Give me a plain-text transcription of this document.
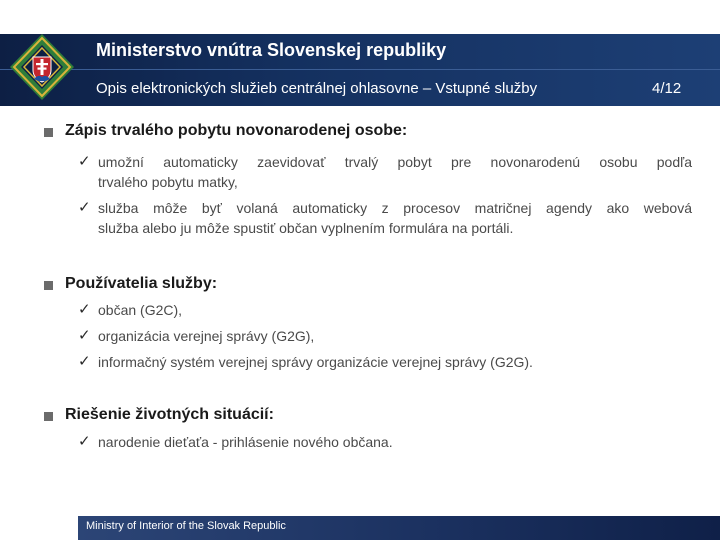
Ministerstvo vnútra Slovenskej republiky
Opis elektronických služieb centrálnej ohlasovne – Vstupné služby	4/12
Zápis trvalého pobytu novonarodenej osobe:
✓ umožní automaticky zaevidovať trvalý pobyt pre novonarodenú osobu podľa
trvalého pobytu matky,
✓ služba môže byť volaná automaticky z procesov matričnej agendy ako webová
služba alebo ju môže spustiť občan vyplnením formulára na portáli.
Používatelia služby:
✓ občan (G2C),
✓ organizácia verejnej správy (G2G),
✓ informačný systém verejnej správy organizácie verejnej správy (G2G).
Riešenie životných situácií:
✓ narodenie dieťaťa - prihlásenie nového občana.
Ministry of Interior of the Slovak Republic
